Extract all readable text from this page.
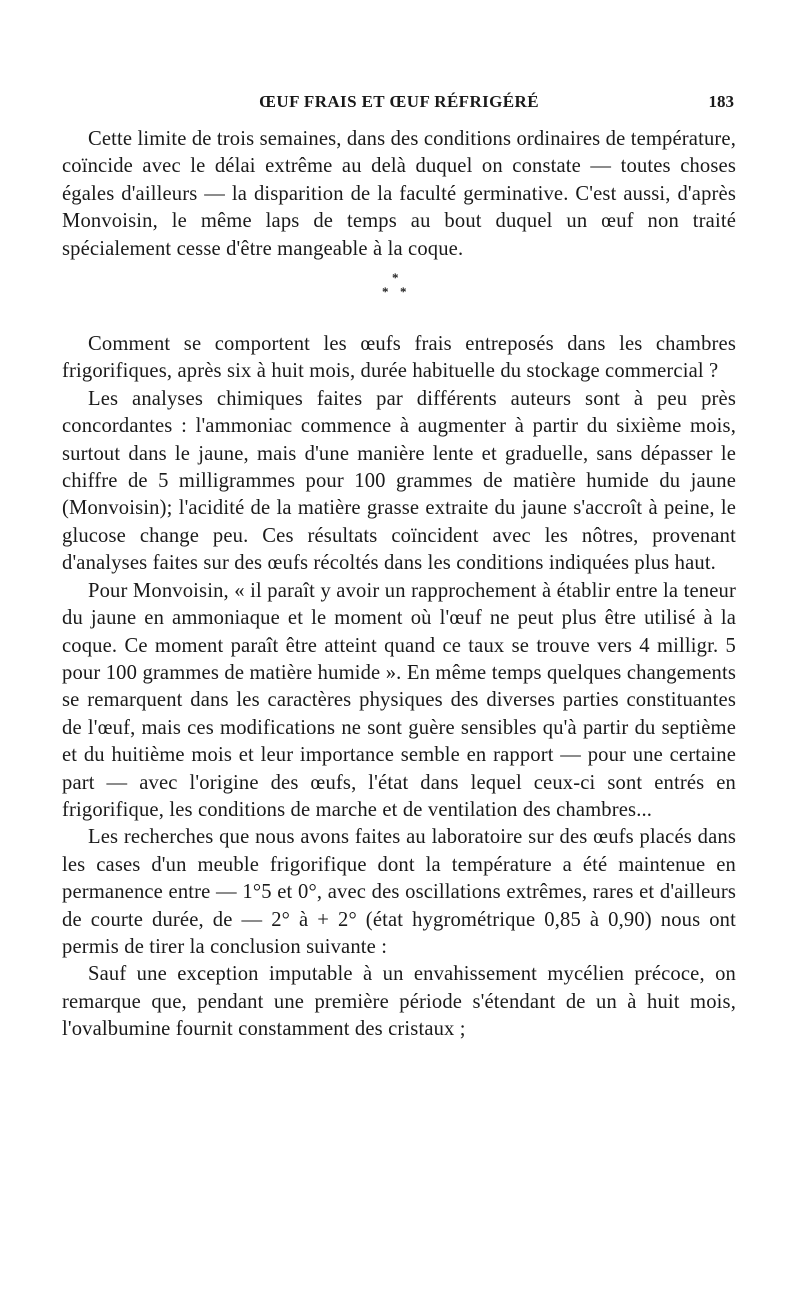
ŒUF FRAIS ET ŒUF RÉFRIGÉRÉ	183

Cette limite de trois semaines, dans des conditions ordinaires de température, coïncide avec le délai extrême au delà duquel on constate — toutes choses égales d'ailleurs — la disparition de la faculté germinative. C'est aussi, d'après Monvoisin, le même laps de temps au bout duquel un œuf non traité spécialement cesse d'être mangeable à la coque.

*
* *

Comment se comportent les œufs frais entreposés dans les chambres frigorifiques, après six à huit mois, durée habituelle du stockage commercial ?

Les analyses chimiques faites par différents auteurs sont à peu près concordantes : l'ammoniac commence à augmenter à partir du sixième mois, surtout dans le jaune, mais d'une manière lente et graduelle, sans dépasser le chiffre de 5 milligrammes pour 100 grammes de matière humide du jaune (Monvoisin); l'acidité de la matière grasse extraite du jaune s'accroît à peine, le glucose change peu. Ces résultats coïncident avec les nôtres, provenant d'analyses faites sur des œufs récoltés dans les conditions indiquées plus haut.

Pour Monvoisin, « il paraît y avoir un rapprochement à établir entre la teneur du jaune en ammoniaque et le moment où l'œuf ne peut plus être utilisé à la coque. Ce moment paraît être atteint quand ce taux se trouve vers 4 milligr. 5 pour 100 grammes de matière humide ». En même temps quelques changements se remarquent dans les caractères physiques des diverses parties constituantes de l'œuf, mais ces modifications ne sont guère sensibles qu'à partir du septième et du huitième mois et leur importance semble en rapport — pour une certaine part — avec l'origine des œufs, l'état dans lequel ceux-ci sont entrés en frigorifique, les conditions de marche et de ventilation des chambres...

Les recherches que nous avons faites au laboratoire sur des œufs placés dans les cases d'un meuble frigorifique dont la température a été maintenue en permanence entre — 1°5 et 0°, avec des oscillations extrêmes, rares et d'ailleurs de courte durée, de — 2° à + 2° (état hygrométrique 0,85 à 0,90) nous ont permis de tirer la conclusion suivante :

Sauf une exception imputable à un envahissement mycélien précoce, on remarque que, pendant une première période s'étendant de un à huit mois, l'ovalbumine fournit constamment des cristaux ;
